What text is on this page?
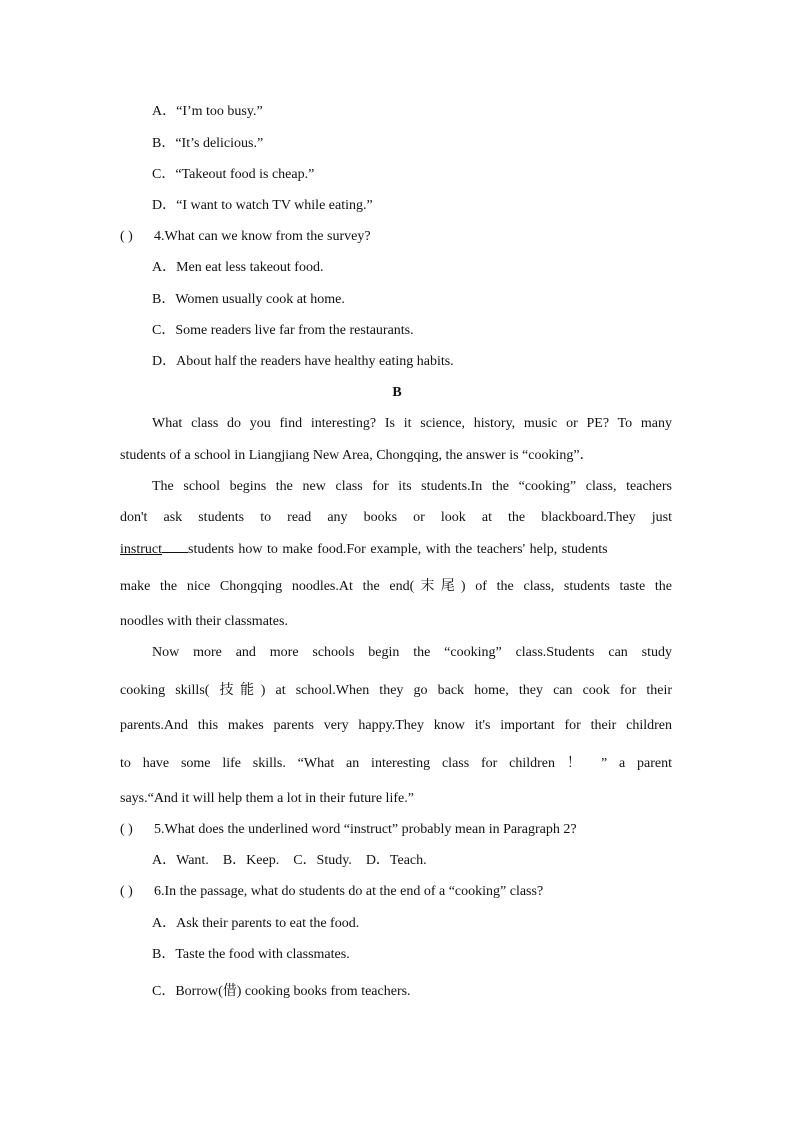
A．“I’m too busy.”
B．“It’s delicious.”
C．“Takeout food is cheap.”
D．“I want to watch TV while eating.”
( ) 4.What can we know from the survey?
A．Men eat less takeout food.
B．Women usually cook at home.
C．Some readers live far from the restaurants.
D．About half the readers have healthy eating habits.
B
What class do you find interesting? Is it science, history, music or PE? To many
students of a school in Liangjiang New Area, Chongqing, the answer is “cooking”．
The school begins the new class for its students.In the “cooking” class, teachers
don't ask students to read any books or look at the blackboard.They just
instruct students how to make food.For example, with the teachers' help, students
make the nice Chongqing noodles.At the end(末尾) of the class, students taste the
noodles with their classmates.
Now more and more schools begin the “cooking” class.Students can study
cooking skills( 技能) at school.When they go back home, they can cook for their
parents.And this makes parents very happy.They know it's important for their children
to have some life skills. “What an interesting class for children ！ ” a parent
says.“And it will help them a lot in their future life.”
( ) 5.What does the underlined word “instruct” probably mean in Paragraph 2?
A．Want. B．Keep. C．Study. D．Teach.
( ) 6.In the passage, what do students do at the end of a “cooking” class?
A．Ask their parents to eat the food.
B．Taste the food with classmates.
C．Borrow(借) cooking books from teachers.
